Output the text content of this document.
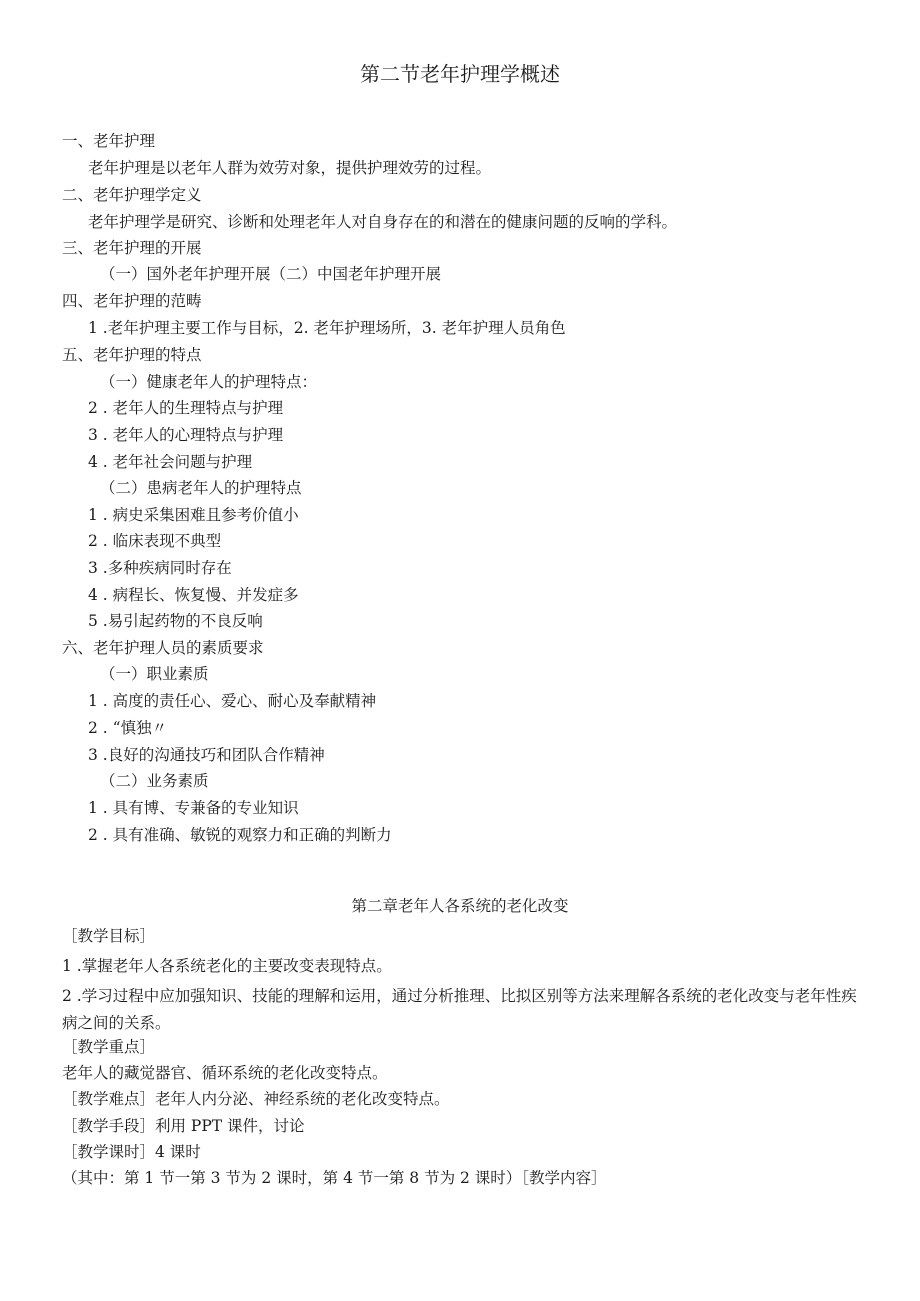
第二节老年护理学概述
一、老年护理
老年护理是以老年人群为效劳对象，提供护理效劳的过程。
二、老年护理学定义
老年护理学是研究、诊断和处理老年人对自身存在的和潜在的健康问题的反响的学科。
三、老年护理的开展
（一）国外老年护理开展（二）中国老年护理开展
四、老年护理的范畴
1 .老年护理主要工作与目标，2. 老年护理场所，3. 老年护理人员角色
五、老年护理的特点
（一）健康老年人的护理特点：
2 . 老年人的生理特点与护理
3 . 老年人的心理特点与护理
4 . 老年社会问题与护理
（二）患病老年人的护理特点
1 . 病史采集困难且参考价值小
2 . 临床表现不典型
3 .多种疾病同时存在
4 . 病程长、恢复慢、并发症多
5 .易引起药物的不良反响
六、老年护理人员的素质要求
（一）职业素质
1 . 高度的责任心、爱心、耐心及奉献精神
2 . “慎独〃
3 .良好的沟通技巧和团队合作精神
（二）业务素质
1 . 具有博、专兼备的专业知识
2 . 具有准确、敏锐的观察力和正确的判断力
第二章老年人各系统的老化改变
［教学目标］
1 .掌握老年人各系统老化的主要改变表现特点。
2 .学习过程中应加强知识、技能的理解和运用，通过分析推理、比拟区别等方法来理解各系统的老化改变与老年性疾病之间的关系。
［教学重点］
老年人的藏觉器官、循环系统的老化改变特点。
［教学难点］老年人内分泌、神经系统的老化改变特点。
［教学手段］利用 PPT 课件，讨论
［教学课时］4 课时
（其中：第 1 节一第 3 节为 2 课时，第 4 节一第 8 节为 2 课时）［教学内容］
